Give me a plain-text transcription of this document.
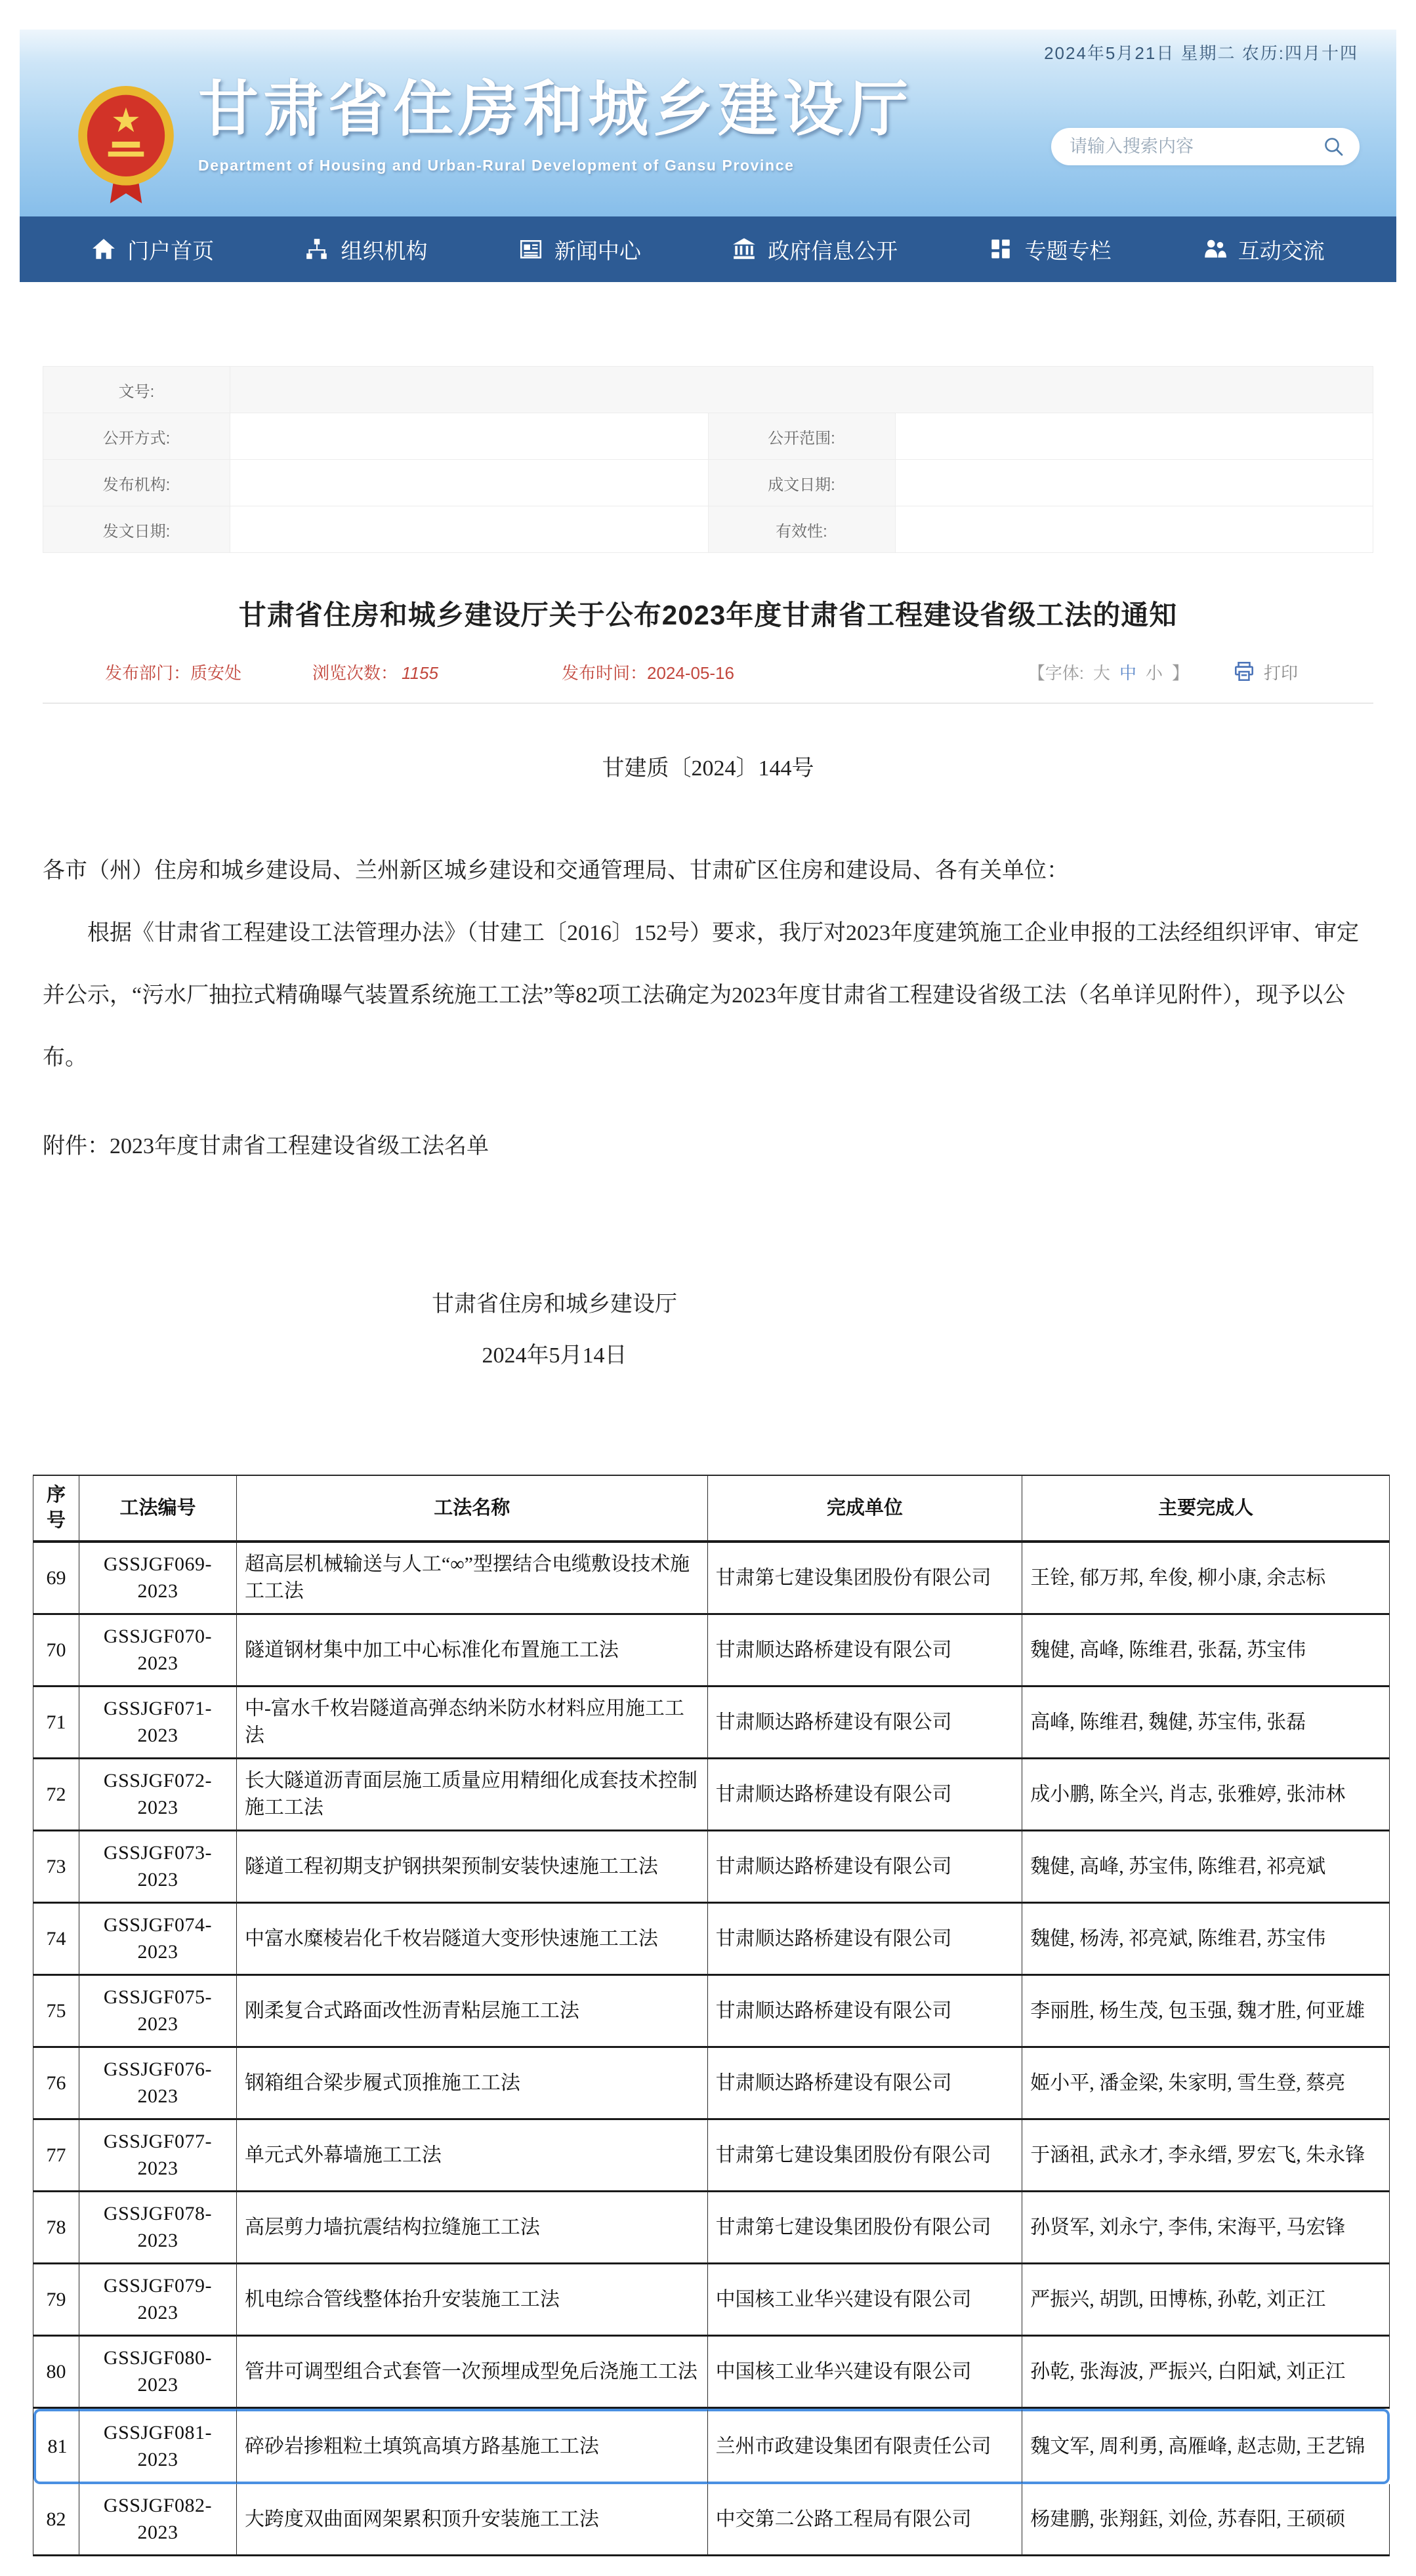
2024年5月21日 星期二 农历:四月十四
★ 甘肃省住房和城乡建设厅
Department of Housing and Urban-Rural Development of Gansu Province
请输入搜索内容
门户首页	组织机构	新闻中心	政府信息公开	专题专栏	互动交流
文号:			
公开方式:		公开范围:	
发布机构:		成文日期:	
发文日期:		有效性:	
甘肃省住房和城乡建设厅关于公布2023年度甘肃省工程建设省级工法的通知
发布部门：质安处	浏览次数： 1155	发布时间：2024-05-16	【字体: 大 中 小 】	打印
甘建质〔2024〕144号

各市（州）住房和城乡建设局、兰州新区城乡建设和交通管理局、甘肃矿区住房和建设局、各有关单位：

根据《甘肃省工程建设工法管理办法》（甘建工〔2016〕152号）要求，我厅对2023年度建筑施工企业申报的工法经组织评审、审定并公示，“污水厂抽拉式精确曝气装置系统施工工法”等82项工法确定为2023年度甘肃省工程建设省级工法（名单详见附件），现予以公布。

附件：2023年度甘肃省工程建设省级工法名单
甘肃省住房和城乡建设厅
2024年5月14日
序号	工法编号	工法名称	完成单位	主要完成人
69	GSSJGF069-2023	超高层机械输送与人工“∞”型摆结合电缆敷设技术施工工法	甘肃第七建设集团股份有限公司	王铨, 郁万邦, 牟俊, 柳小康, 余志标
70	GSSJGF070-2023	隧道钢材集中加工中心标准化布置施工工法	甘肃顺达路桥建设有限公司	魏健, 高峰, 陈维君, 张磊, 苏宝伟
71	GSSJGF071-2023	中-富水千枚岩隧道高弹态纳米防水材料应用施工工法	甘肃顺达路桥建设有限公司	高峰, 陈维君, 魏健, 苏宝伟, 张磊
72	GSSJGF072-2023	长大隧道沥青面层施工质量应用精细化成套技术控制施工工法	甘肃顺达路桥建设有限公司	成小鹏, 陈全兴, 肖志, 张雅婷, 张沛林
73	GSSJGF073-2023	隧道工程初期支护钢拱架预制安装快速施工工法	甘肃顺达路桥建设有限公司	魏健, 高峰, 苏宝伟, 陈维君, 祁亮斌
74	GSSJGF074-2023	中富水糜棱岩化千枚岩隧道大变形快速施工工法	甘肃顺达路桥建设有限公司	魏健, 杨涛, 祁亮斌, 陈维君, 苏宝伟
75	GSSJGF075-2023	刚柔复合式路面改性沥青粘层施工工法	甘肃顺达路桥建设有限公司	李丽胜, 杨生茂, 包玉强, 魏才胜, 何亚雄
76	GSSJGF076-2023	钢箱组合梁步履式顶推施工工法	甘肃顺达路桥建设有限公司	姬小平, 潘金梁, 朱家明, 雪生登, 蔡亮
77	GSSJGF077-2023	单元式外幕墙施工工法	甘肃第七建设集团股份有限公司	于涵祖, 武永才, 李永缙, 罗宏飞, 朱永锋
78	GSSJGF078-2023	高层剪力墙抗震结构拉缝施工工法	甘肃第七建设集团股份有限公司	孙贤军, 刘永宁, 李伟, 宋海平, 马宏锋
79	GSSJGF079-2023	机电综合管线整体抬升安装施工工法	中国核工业华兴建设有限公司	严振兴, 胡凯, 田博栋, 孙乾, 刘正江
80	GSSJGF080-2023	管井可调型组合式套管一次预埋成型免后浇施工工法	中国核工业华兴建设有限公司	孙乾, 张海波, 严振兴, 白阳斌, 刘正江
81	GSSJGF081-2023	碎砂岩掺粗粒土填筑高填方路基施工工法	兰州市政建设集团有限责任公司	魏文军, 周利勇, 高雁峰, 赵志勋, 王艺锦
82	GSSJGF082-2023	大跨度双曲面网架累积顶升安装施工工法	中交第二公路工程局有限公司	杨建鹏, 张翔鈺, 刘俭, 苏春阳, 王硕硕
